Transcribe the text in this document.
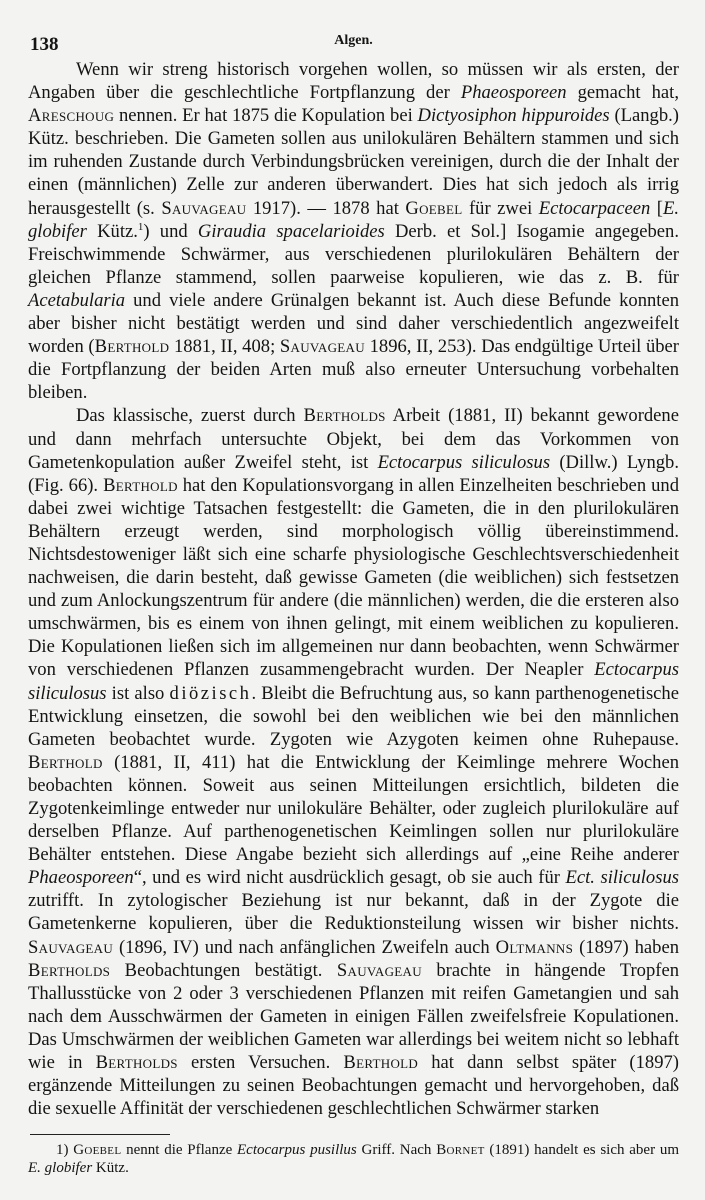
138	Algen.

Wenn wir streng historisch vorgehen wollen, so müssen wir als ersten, der Angaben über die geschlechtliche Fortpflanzung der Phaeosporeen gemacht hat, Areschoug nennen. Er hat 1875 die Kopulation bei Dictyosiphon hippuroides (Langb.) Kütz. beschrieben. Die Gameten sollen aus unilokulären Behältern stammen und sich im ruhenden Zustande durch Verbindungsbrücken vereinigen, durch die der Inhalt der einen (männlichen) Zelle zur anderen überwandert. Dies hat sich jedoch als irrig herausgestellt (s. Sauvageau 1917). — 1878 hat Goebel für zwei Ectocarpaceen [E. globifer Kütz.$^1$) und Giraudia spacelarioides Derb. et Sol.] Isogamie angegeben. Freischwimmende Schwärmer, aus verschiedenen plurilokulären Behältern der gleichen Pflanze stammend, sollen paarweise kopulieren, wie das z. B. für Acetabularia und viele andere Grünalgen bekannt ist. Auch diese Befunde konnten aber bisher nicht bestätigt werden und sind daher verschiedentlich angezweifelt worden (Berthold 1881, II, 408; Sauvageau 1896, II, 253). Das endgültige Urteil über die Fortpflanzung der beiden Arten muß also erneuter Untersuchung vorbehalten bleiben.

Das klassische, zuerst durch Bertholds Arbeit (1881, II) bekannt gewordene und dann mehrfach untersuchte Objekt, bei dem das Vorkommen von Gametenkopulation außer Zweifel steht, ist Ectocarpus siliculosus (Dillw.) Lyngb. (Fig. 66). Berthold hat den Kopulationsvorgang in allen Einzelheiten beschrieben und dabei zwei wichtige Tatsachen festgestellt: die Gameten, die in den plurilokulären Behältern erzeugt werden, sind morphologisch völlig übereinstimmend. Nichtsdestoweniger läßt sich eine scharfe physiologische Geschlechtsverschiedenheit nachweisen, die darin besteht, daß gewisse Gameten (die weiblichen) sich festsetzen und zum Anlockungszentrum für andere (die männlichen) werden, die die ersteren also umschwärmen, bis es einem von ihnen gelingt, mit einem weiblichen zu kopulieren. Die Kopulationen ließen sich im allgemeinen nur dann beobachten, wenn Schwärmer von verschiedenen Pflanzen zusammengebracht wurden. Der Neapler Ectocarpus siliculosus ist also diözisch. Bleibt die Befruchtung aus, so kann parthenogenetische Entwicklung einsetzen, die sowohl bei den weiblichen wie bei den männlichen Gameten beobachtet wurde. Zygoten wie Azygoten keimen ohne Ruhepause. Berthold (1881, II, 411) hat die Entwicklung der Keimlinge mehrere Wochen beobachten können. Soweit aus seinen Mitteilungen ersichtlich, bildeten die Zygotenkeimlinge entweder nur unilokuläre Behälter, oder zugleich plurilokuläre auf derselben Pflanze. Auf parthenogenetischen Keimlingen sollen nur plurilokuläre Behälter entstehen. Diese Angabe bezieht sich allerdings auf „eine Reihe anderer Phaeosporeen“, und es wird nicht ausdrücklich gesagt, ob sie auch für Ect. siliculosus zutrifft. In zytologischer Beziehung ist nur bekannt, daß in der Zygote die Gametenkerne kopulieren, über die Reduktionsteilung wissen wir bisher nichts. Sauvageau (1896, IV) und nach anfänglichen Zweifeln auch Oltmanns (1897) haben Bertholds Beobachtungen bestätigt. Sauvageau brachte in hängende Tropfen Thallusstücke von 2 oder 3 verschiedenen Pflanzen mit reifen Gametangien und sah nach dem Ausschwärmen der Gameten in einigen Fällen zweifelsfreie Kopulationen. Das Umschwärmen der weiblichen Gameten war allerdings bei weitem nicht so lebhaft wie in Bertholds ersten Versuchen. Berthold hat dann selbst später (1897) ergänzende Mitteilungen zu seinen Beobachtungen gemacht und hervorgehoben, daß die sexuelle Affinität der verschiedenen geschlechtlichen Schwärmer starken

1) Goebel nennt die Pflanze Ectocarpus pusillus Griff. Nach Bornet (1891) handelt es sich aber um E. globifer Kütz.
